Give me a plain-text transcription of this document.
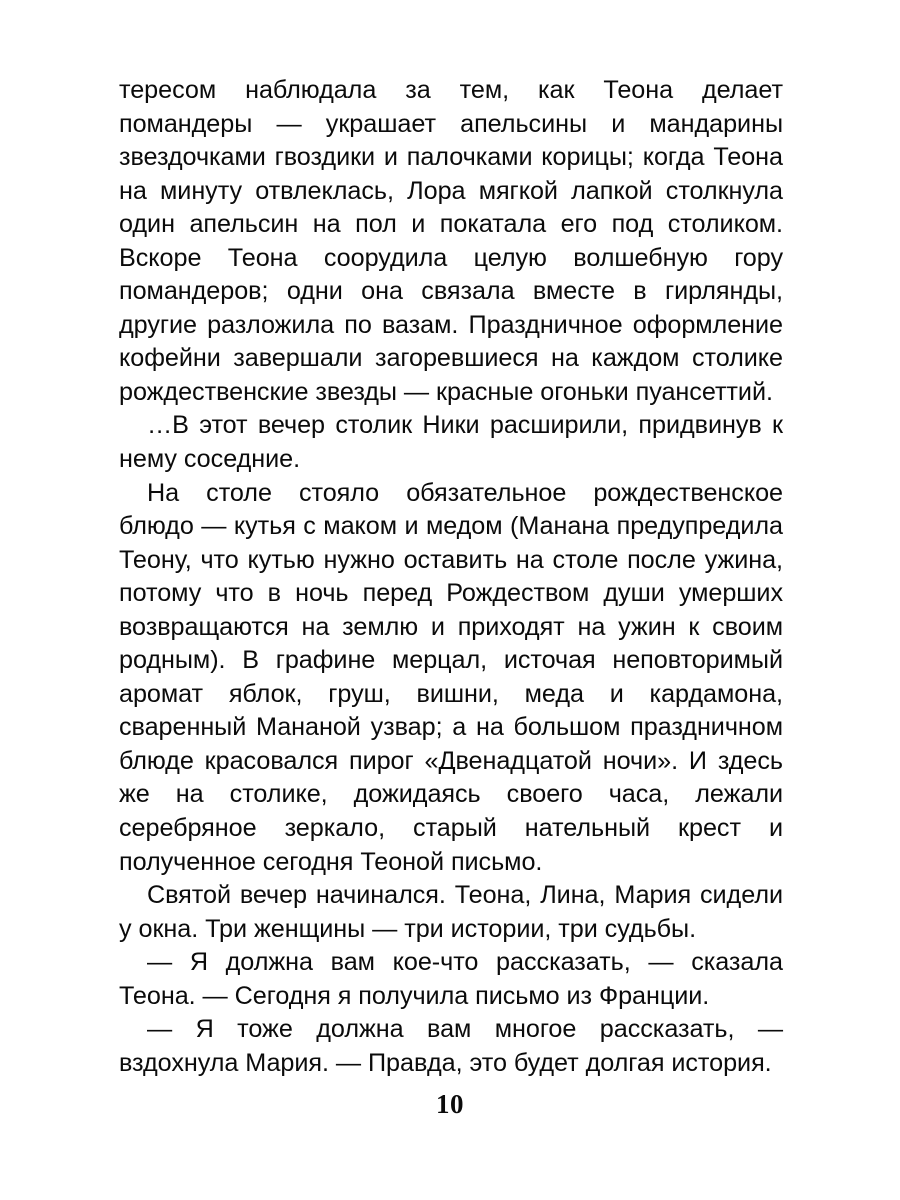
тересом наблюдала за тем, как Теона делает помандеры — украшает апельсины и мандарины звездочками гвоздики и палочками корицы; когда Теона на минуту отвлеклась, Лора мягкой лапкой столкнула один апельсин на пол и покатала его под столиком. Вскоре Теона соорудила целую волшебную гору помандеров; одни она связала вместе в гирлянды, другие разложила по вазам. Праздничное оформление кофейни завершали загоревшиеся на каждом столике рождественские звезды — красные огоньки пуансеттий.

…В этот вечер столик Ники расширили, придвинув к нему соседние.

На столе стояло обязательное рождественское блюдо — кутья с маком и медом (Манана предупредила Теону, что кутью нужно оставить на столе после ужина, потому что в ночь перед Рождеством души умерших возвращаются на землю и приходят на ужин к своим родным). В графине мерцал, источая неповторимый аромат яблок, груш, вишни, меда и кардамона, сваренный Мананой узвар; а на большом праздничном блюде красовался пирог «Двенадцатой ночи». И здесь же на столике, дожидаясь своего часа, лежали серебряное зеркало, старый нательный крест и полученное сегодня Теоной письмо.

Святой вечер начинался. Теона, Лина, Мария сидели у окна. Три женщины — три истории, три судьбы.

— Я должна вам кое-что рассказать, — сказала Теона. — Сегодня я получила письмо из Франции.

— Я тоже должна вам многое рассказать, — вздохнула Мария. — Правда, это будет долгая история.

10
